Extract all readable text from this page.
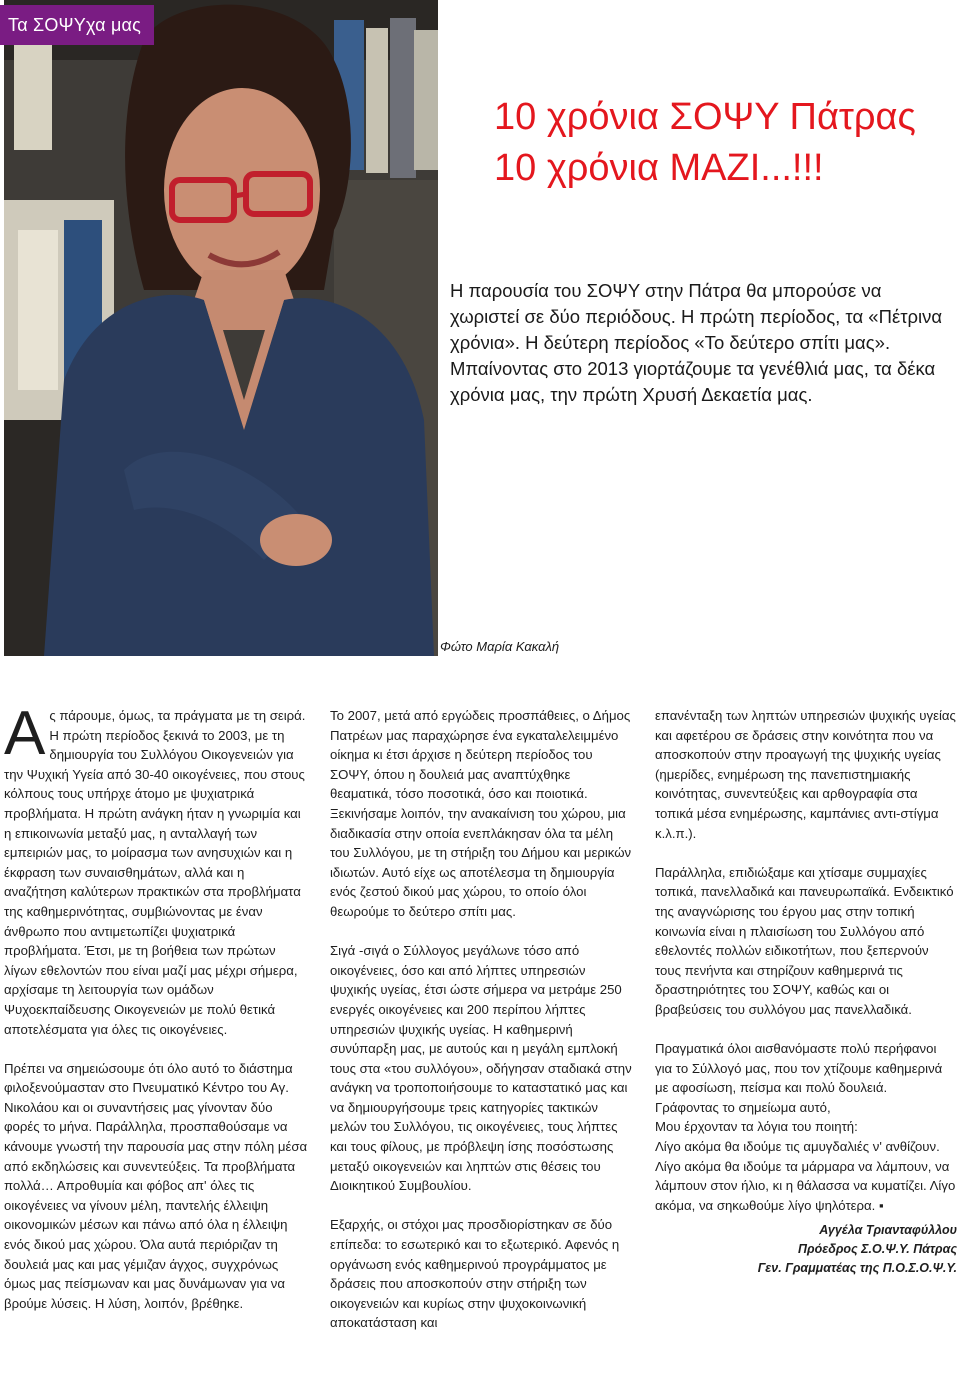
Τα ΣΟΨΥχα μας
10 χρόνια ΣΟΨΥ Πάτρας
10 χρόνια ΜΑΖΙ...!!!
Η παρουσία του ΣΟΨΥ στην Πάτρα θα μπορούσε να χωριστεί σε δύο περιόδους. Η πρώτη περίοδος, τα «Πέτρινα χρόνια». Η δεύτερη περίοδος «Το δεύτερο σπίτι μας». Μπαίνοντας στο 2013 γιορτάζουμε τα γενέθλιά μας, τα δέκα χρόνια μας, την πρώτη Χρυσή Δεκαετία μας.
Φώτο Μαρία Κακαλή

Ας πάρουμε, όμως, τα πράγματα με τη σειρά. Η πρώτη περίοδος ξεκινά το 2003, με τη δημιουργία του Συλλόγου Οικογενειών για την Ψυχική Υγεία από 30-40 οικογένειες, που στους κόλπους τους υπήρχε άτομο με ψυχιατρικά προβλήματα. Η πρώτη ανάγκη ήταν η γνωριμία και η επικοινωνία μεταξύ μας, η ανταλλαγή των εμπειριών μας, το μοίρασμα των ανησυχιών και η έκφραση των συναισθημάτων, αλλά και η αναζήτηση καλύτερων πρακτικών στα προβλήματα της καθημερινότητας, συμβιώνοντας με έναν άνθρωπο που αντιμετωπίζει ψυχιατρικά προβλήματα. Έτσι, με τη βοήθεια των πρώτων λίγων εθελοντών που είναι μαζί μας μέχρι σήμερα, αρχίσαμε τη λειτουργία των ομάδων Ψυχοεκπαίδευσης Οικογενειών με πολύ θετικά αποτελέσματα για όλες τις οικογένειες.

Πρέπει να σημειώσουμε ότι όλο αυτό το διάστημα φιλοξενούμασταν στο Πνευματικό Κέντρο του Αγ. Νικολάου και οι συναντήσεις μας γίνονταν δύο φορές το μήνα. Παράλληλα, προσπαθούσαμε να κάνουμε γνωστή την παρουσία μας στην πόλη μέσα από εκδηλώσεις και συνεντεύξεις. Τα προβλήματα πολλά… Απροθυμία και φόβος απ' όλες τις οικογένειες να γίνουν μέλη, παντελής έλλειψη οικονομικών μέσων και πάνω από όλα η έλλειψη ενός δικού μας χώρου. Όλα αυτά περιόριζαν τη δουλειά μας και μας γέμιζαν άγχος, συγχρόνως όμως μας πείσμωναν και μας δυνάμωναν για να βρούμε λύσεις. Η λύση, λοιπόν, βρέθηκε.

Το 2007, μετά από εργώδεις προσπάθειες, ο Δήμος Πατρέων μας παραχώρησε ένα εγκαταλελειμμένο οίκημα κι έτσι άρχισε η δεύτερη περίοδος του ΣΟΨΥ, όπου η δουλειά μας αναπτύχθηκε θεαματικά, τόσο ποσοτικά, όσο και ποιοτικά. Ξεκινήσαμε λοιπόν, την ανακαίνιση του χώρου, μια διαδικασία στην οποία ενεπλάκησαν όλα τα μέλη του Συλλόγου, με τη στήριξη του Δήμου και μερικών ιδιωτών. Αυτό είχε ως αποτέλεσμα τη δημιουργία ενός ζεστού δικού μας χώρου, το οποίο όλοι θεωρούμε το δεύτερο σπίτι μας.

Σιγά -σιγά ο Σύλλογος μεγάλωνε τόσο από οικογένειες, όσο και από λήπτες υπηρεσιών ψυχικής υγείας, έτσι ώστε σήμερα να μετράμε 250 ενεργές οικογένειες και 200 περίπου λήπτες υπηρεσιών ψυχικής υγείας. Η καθημερινή συνύπαρξη μας, με αυτούς και η μεγάλη εμπλοκή τους στα «του συλλόγου», οδήγησαν σταδιακά στην ανάγκη να τροποποιήσουμε το καταστατικό μας και να δημιουργήσουμε τρεις κατηγορίες τακτικών μελών του Συλλόγου, τις οικογένειες, τους λήπτες και τους φίλους, με πρόβλεψη ίσης ποσόστωσης μεταξύ οικογενειών και ληπτών στις θέσεις του Διοικητικού Συμβουλίου.

Εξαρχής, οι στόχοι μας προσδιορίστηκαν σε δύο επίπεδα: το εσωτερικό και το εξωτερικό. Αφενός η οργάνωση ενός καθημερινού προγράμματος με δράσεις που αποσκοπούν στην στήριξη των οικογενειών και κυρίως στην ψυχοκοινωνική αποκατάσταση και

επανένταξη των ληπτών υπηρεσιών ψυχικής υγείας και αφετέρου σε δράσεις στην κοινότητα που να αποσκοπούν στην προαγωγή της ψυχικής υγείας (ημερίδες, ενημέρωση της πανεπιστημιακής κοινότητας, συνεντεύξεις και αρθογραφία στα τοπικά μέσα ενημέρωσης, καμπάνιες αντι-στίγμα κ.λ.π.).

Παράλληλα, επιδιώξαμε και χτίσαμε συμμαχίες τοπικά, πανελλαδικά και πανευρωπαϊκά. Ενδεικτικό της αναγνώρισης του έργου μας στην τοπική κοινωνία είναι η πλαισίωση του Συλλόγου από εθελοντές πολλών ειδικοτήτων, που ξεπερνούν τους πενήντα και στηρίζουν καθημερινά τις δραστηριότητες του ΣΟΨΥ, καθώς και οι βραβεύσεις του συλλόγου μας πανελλαδικά.

Πραγματικά όλοι αισθανόμαστε πολύ περήφανοι για το Σύλλογό μας, που τον χτίζουμε καθημερινά με αφοσίωση, πείσμα και πολύ δουλειά.
Γράφοντας το σημείωμα αυτό,
Μου έρχονταν τα λόγια του ποιητή:
Λίγο ακόμα θα ιδούμε τις αμυγδαλιές ν' ανθίζουν. Λίγο ακόμα θα ιδούμε τα μάρμαρα να λάμπουν, να λάμπουν στον ήλιο, κι η θάλασσα να κυματίζει. Λίγο ακόμα, να σηκωθούμε λίγο ψηλότερα. ▪

Αγγέλα Τριανταφύλλου
Πρόεδρος Σ.Ο.Ψ.Υ. Πάτρας
Γεν. Γραμματέας της Π.Ο.Σ.Ο.Ψ.Υ.
